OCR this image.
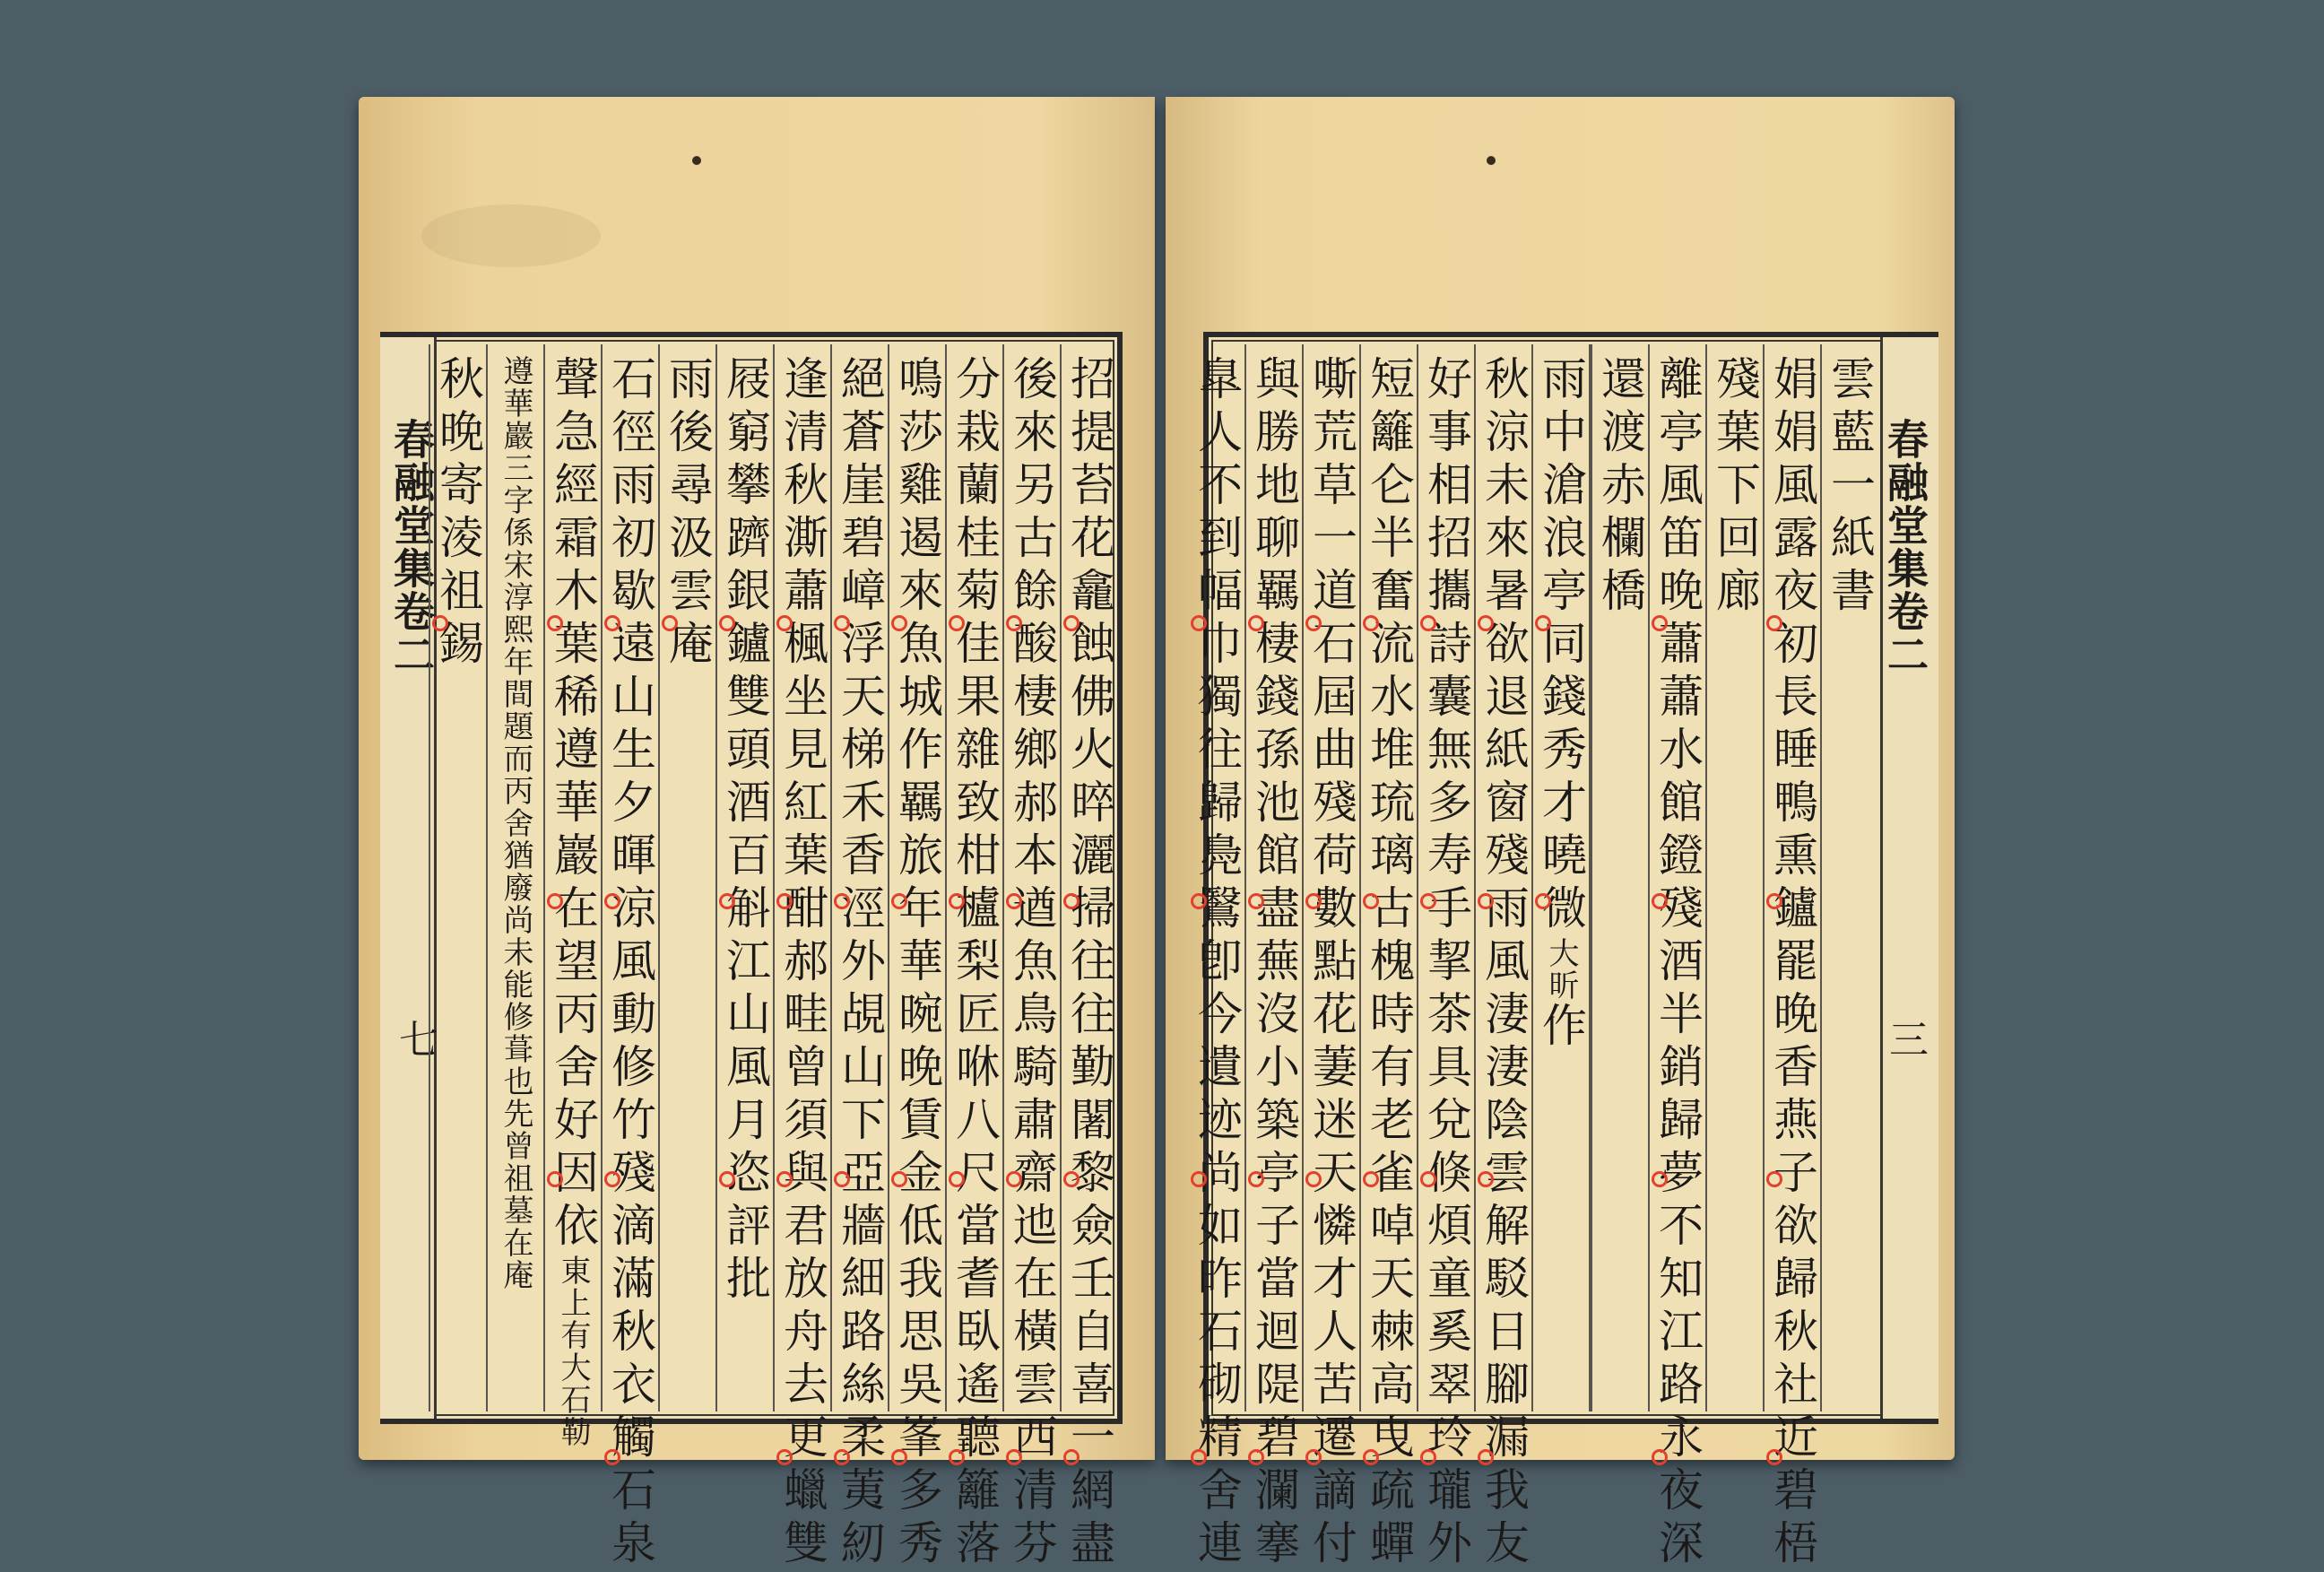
春融堂集卷二
七	招提苔花龕蝕佛火晬灑掃往往勤闍黎僉壬自喜一網盡
後來另古餘酸棲鄉郝本遒魚鳥騎肅齋迆在橫雲西清芬
分栽蘭桂菊佳果雜致柑櫨梨匠咻八尺當耆臥遙聽籬落
鳴莎雞遏來魚城作羈旅年華晼晚賃金低我思吳峯多秀
絕蒼崖碧嶂浮天梯禾香涇外覘山下亞牆細路絲柔荑紉
逢清秋澌蕭楓坐見紅葉酣郝畦曾須與君放舟去更蠟雙
屐窮攀躋銀鑪雙頭酒百斛江山風月恣評批
雨後尋汲雲庵
石徑雨初歇遠山生夕暉涼風動修竹殘滴滿秋衣觸石泉
聲急經霜木葉稀遵華巖在望丙舍好因依東上有大石勒
遵華巖三字係宋淳熙年間題而丙舍猶廢尚未能修葺也先曾祖墓在庵
秋晚寄淩祖錫	春融堂集卷二
三
雲藍一紙書
娟娟風露夜初長睡鴨熏鑪罷晚香燕子欲歸秋社近碧梧
殘葉下回廊
離亭風笛晚蕭蕭水館鐙殘酒半銷歸夢不知江路永夜深
還渡赤欄橋
雨中滄浪亭同錢秀才曉微大昕作
秋涼未來暑欲退紙窗殘雨風淒淒陰雲解駁日腳漏我友
好事相招攜詩囊無多寿手挈茶具兌倏煩童奚翠玲瓏外
短籬仑半奮流水堆琉璃古槐時有老雀啅天棘高曳疏蟬
嘶荒草一道石屆曲殘荷數點花萋迷天憐才人苦遷謫付
與勝地聊羈棲錢孫池館盡蕪沒小築亭子當迴隄碧瀾搴
臯人不到幅巾獨往歸鳧鷖卽今遺迹尚如昨石砌精舍連
